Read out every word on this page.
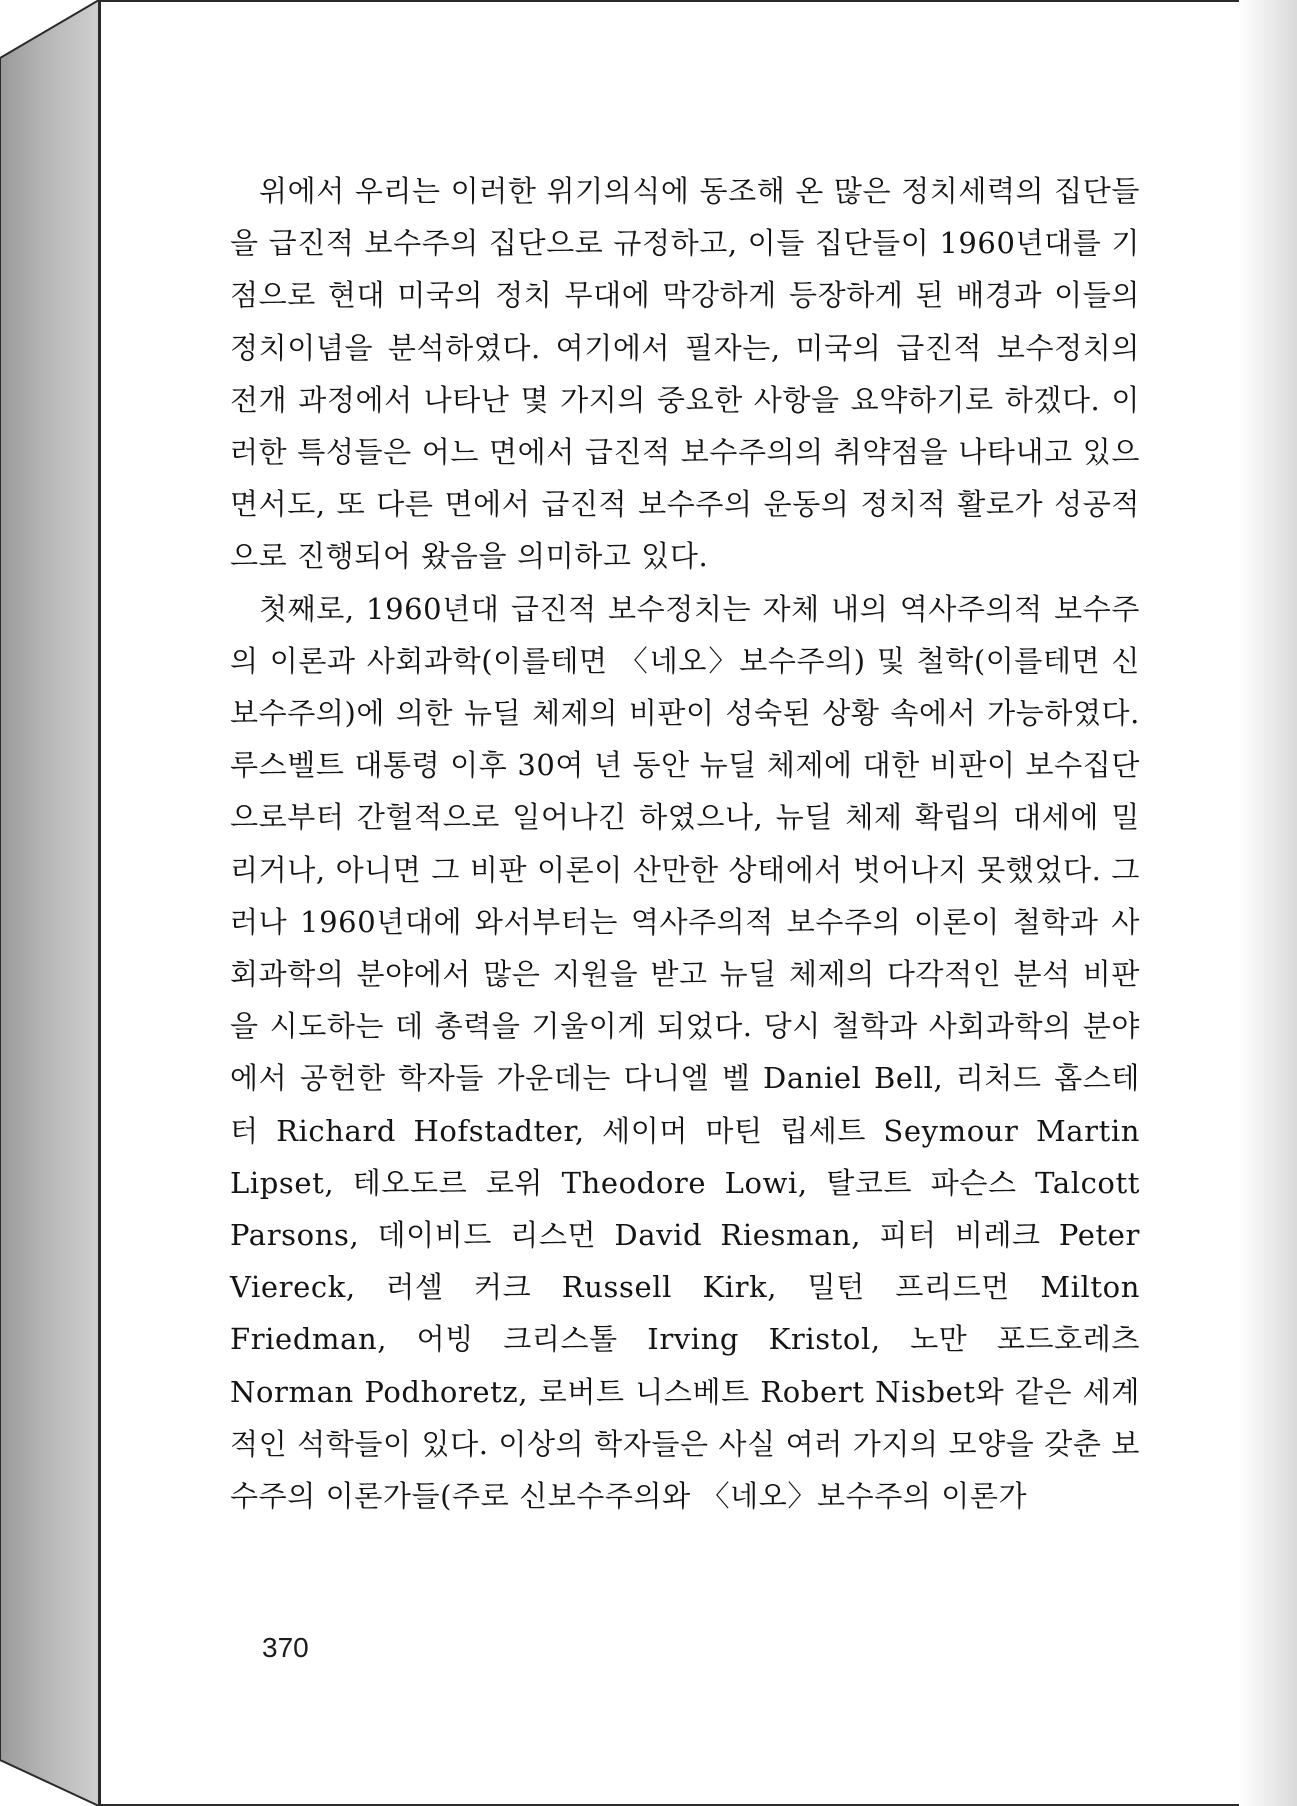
위에서 우리는 이러한 위기의식에 동조해 온 많은 정치세력의 집단들을 급진적 보수주의 집단으로 규정하고, 이들 집단들이 1960년대를 기점으로 현대 미국의 정치 무대에 막강하게 등장하게 된 배경과 이들의 정치이념을 분석하였다. 여기에서 필자는, 미국의 급진적 보수정치의 전개 과정에서 나타난 몇 가지의 중요한 사항을 요약하기로 하겠다. 이러한 특성들은 어느 면에서 급진적 보수주의의 취약점을 나타내고 있으면서도, 또 다른 면에서 급진적 보수주의 운동의 정치적 활로가 성공적으로 진행되어 왔음을 의미하고 있다.

첫째로, 1960년대 급진적 보수정치는 자체 내의 역사주의적 보수주의 이론과 사회과학(이를테면 〈네오〉보수주의) 및 철학(이를테면 신보수주의)에 의한 뉴딜 체제의 비판이 성숙된 상황 속에서 가능하였다. 루스벨트 대통령 이후 30여 년 동안 뉴딜 체제에 대한 비판이 보수집단으로부터 간헐적으로 일어나긴 하였으나, 뉴딜 체제 확립의 대세에 밀리거나, 아니면 그 비판 이론이 산만한 상태에서 벗어나지 못했었다. 그러나 1960년대에 와서부터는 역사주의적 보수주의 이론이 철학과 사회과학의 분야에서 많은 지원을 받고 뉴딜 체제의 다각적인 분석 비판을 시도하는 데 총력을 기울이게 되었다. 당시 철학과 사회과학의 분야에서 공헌한 학자들 가운데는 다니엘 벨 Daniel Bell, 리처드 홉스테터 Richard Hofstadter, 세이머 마틴 립세트 Seymour Martin Lipset, 테오도르 로위 Theodore Lowi, 탈코트 파슨스 Talcott Parsons, 데이비드 리스먼 David Riesman, 피터 비레크 Peter Viereck, 러셀 커크 Russell Kirk, 밀턴 프리드먼 Milton Friedman, 어빙 크리스톨 Irving Kristol, 노만 포드호레츠 Norman Podhoretz, 로버트 니스베트 Robert Nisbet와 같은 세계적인 석학들이 있다. 이상의 학자들은 사실 여러 가지의 모양을 갖춘 보수주의 이론가들(주로 신보수주의와 〈네오〉보수주의 이론가

370
